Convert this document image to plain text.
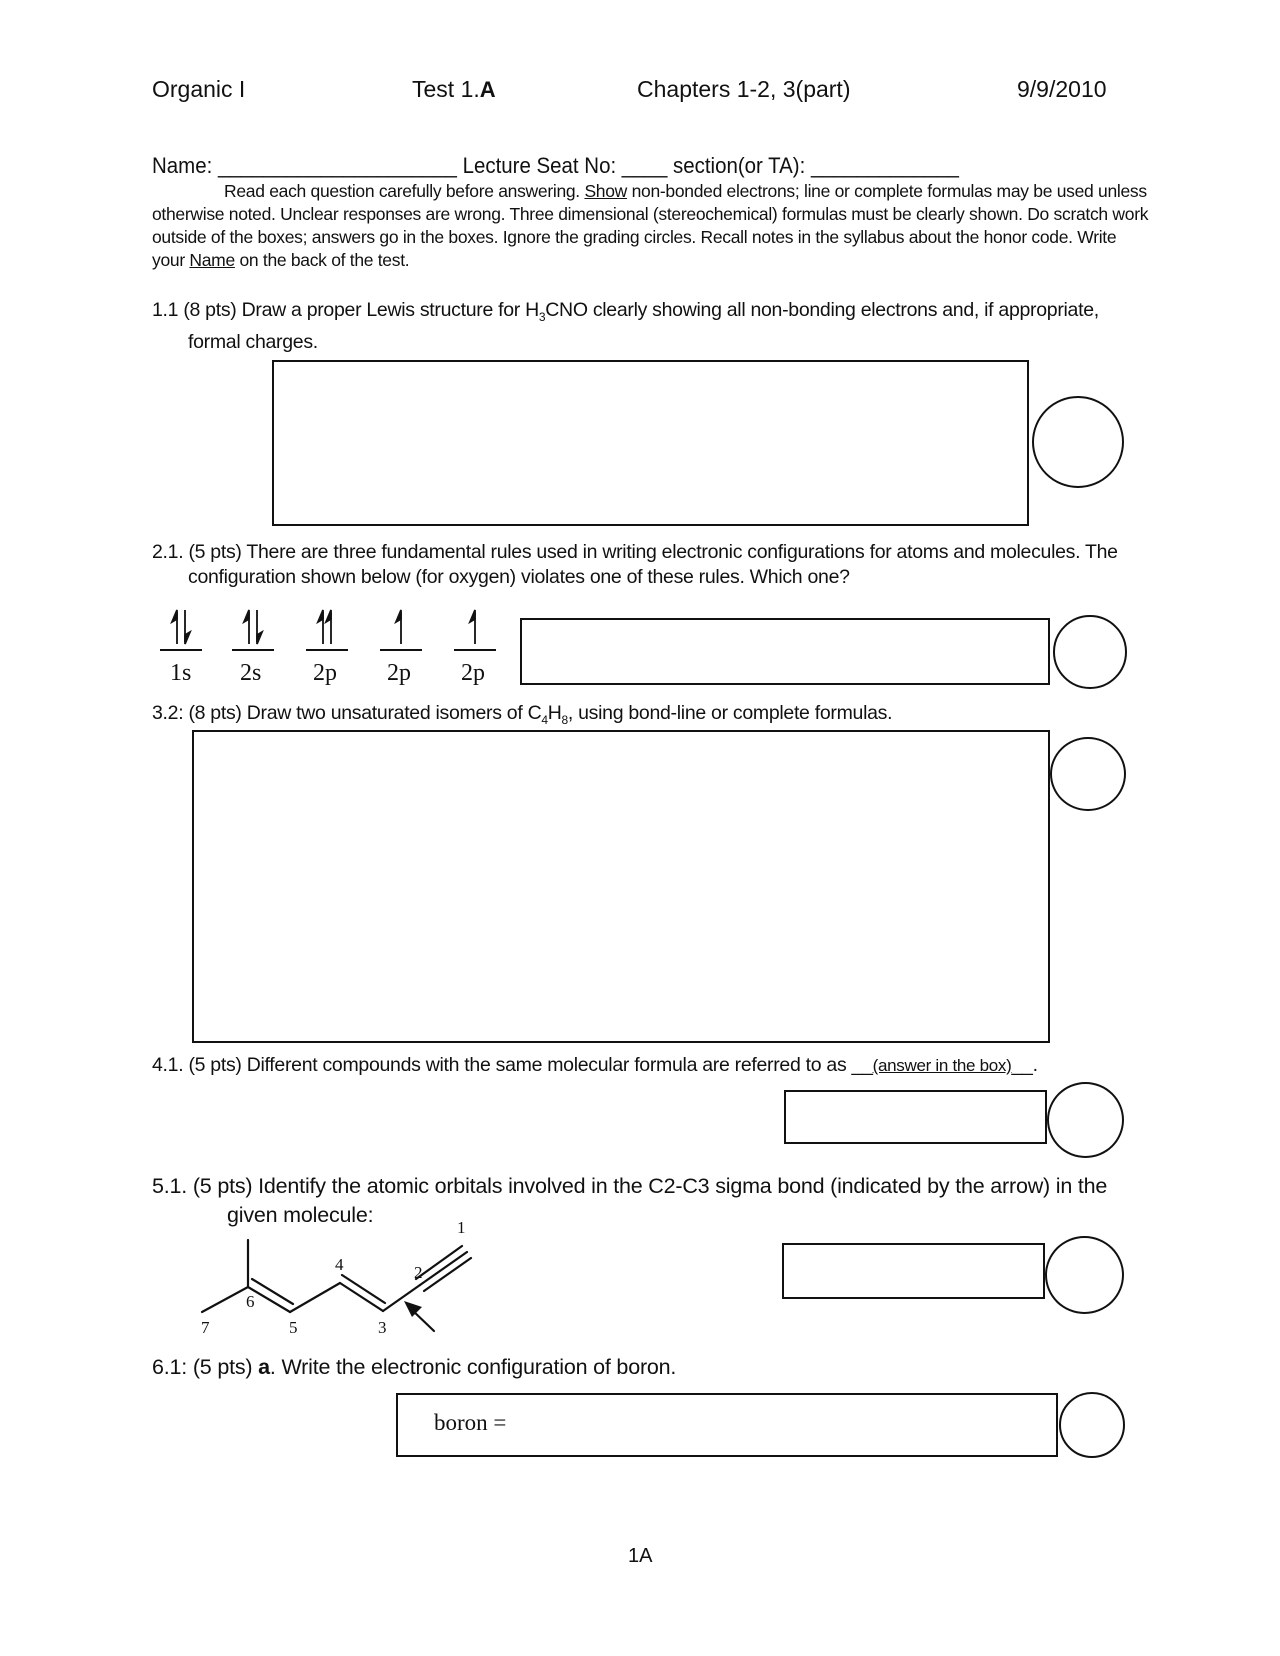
Organic I	Test 1.A	Chapters 1-2, 3(part)	9/9/2010
Name: _____________________ Lecture Seat No: ____ section(or TA): _____________
Read each question carefully before answering. Show non-bonded electrons; line or complete formulas may be used unless otherwise noted. Unclear responses are wrong. Three dimensional (stereochemical) formulas must be clearly shown. Do scratch work outside of the boxes; answers go in the boxes. Ignore the grading circles. Recall notes in the syllabus about the honor code. Write your Name on the back of the test.
1.1 (8 pts) Draw a proper Lewis structure for $H_3CNO$ clearly showing all non-bonding electrons and, if appropriate,
formal charges.
2.1. (5 pts) There are three fundamental rules used in writing electronic configurations for atoms and molecules. The
configuration shown below (for oxygen) violates one of these rules. Which one?
1s 2s 2p 2p 2p
3.2: (8 pts) Draw two unsaturated isomers of $C_4H_8$, using bond-line or complete formulas.
4.1. (5 pts) Different compounds with the same molecular formula are referred to as __(answer in the box)__.
5.1. (5 pts) Identify the atomic orbitals involved in the C2-C3 sigma bond (indicated by the arrow) in the
given molecule:
1
2
3
4
5
6
7
6.1: (5 pts) a. Write the electronic configuration of boron.
boron =
1A
